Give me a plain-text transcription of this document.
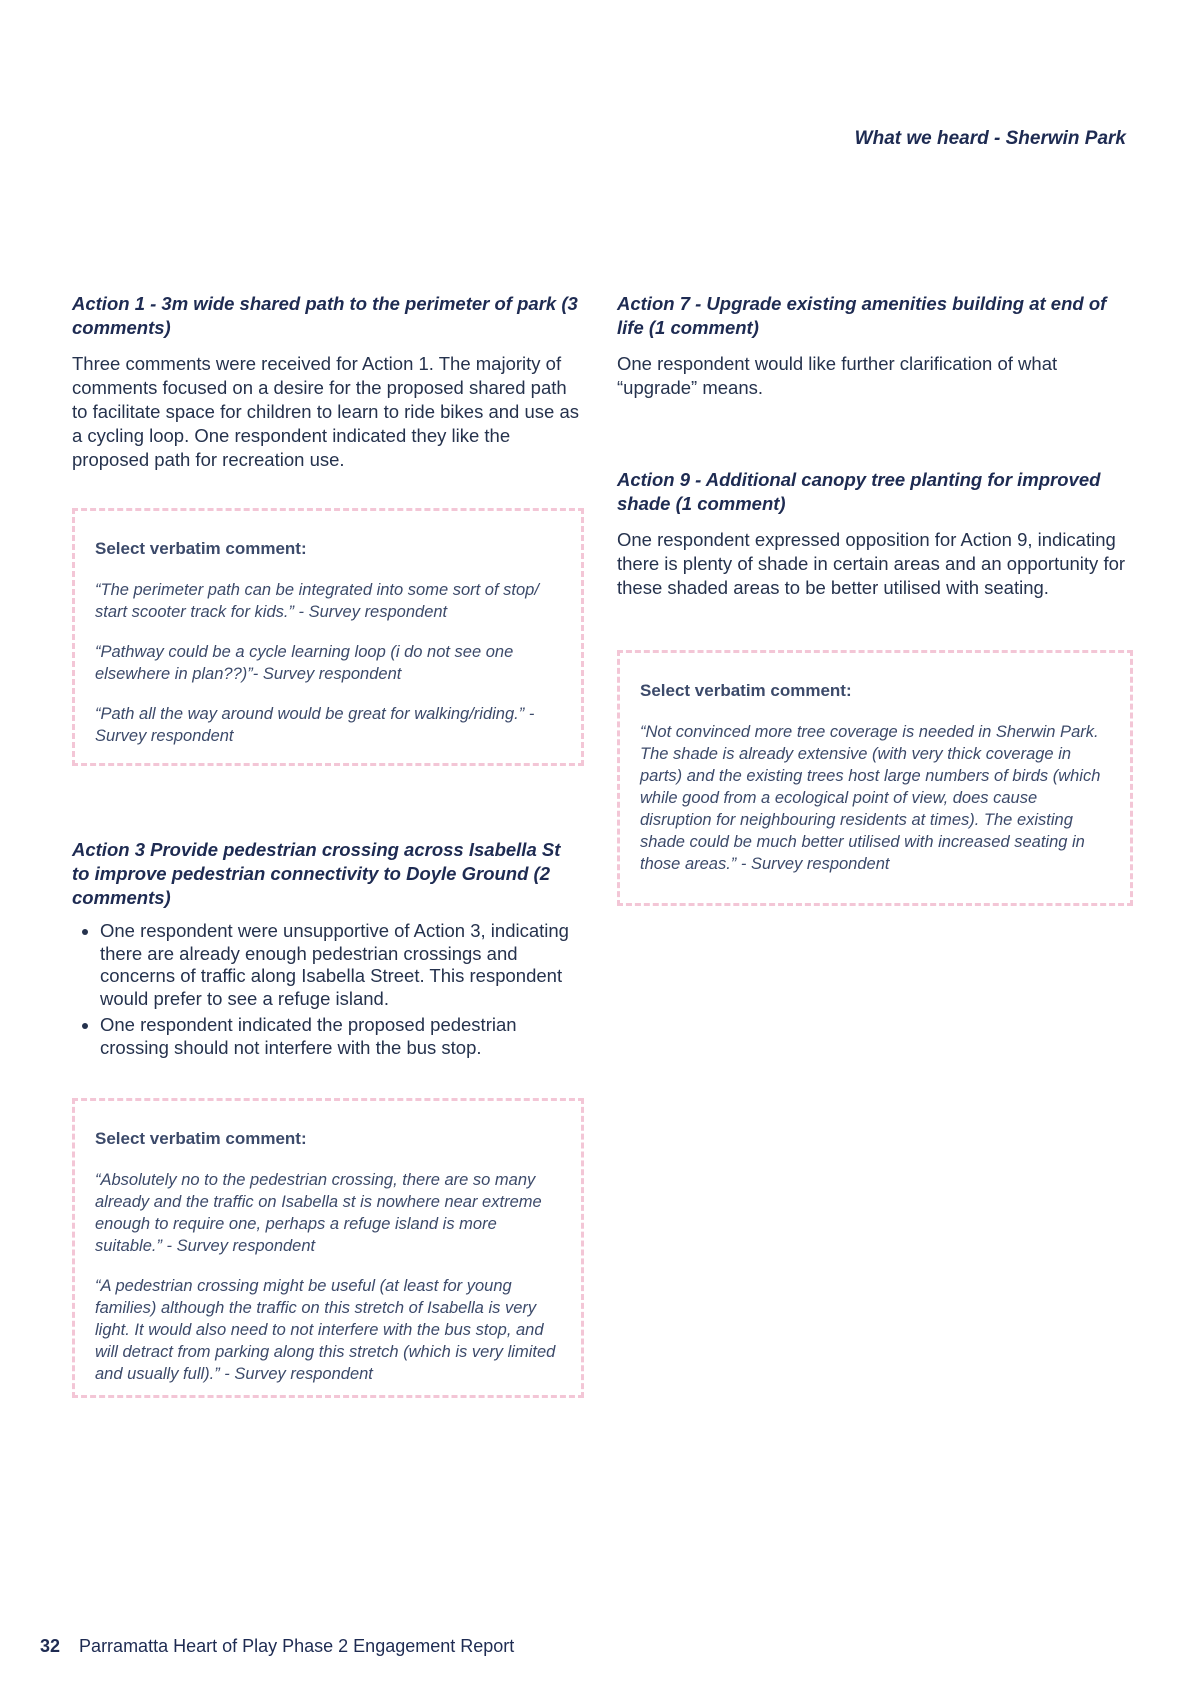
What we heard - Sherwin Park
Action 1 - 3m wide shared path to the perimeter of park (3 comments)

Three comments were received for Action 1. The majority of comments focused on a desire for the proposed shared path to facilitate space for children to learn to ride bikes and use as a cycling loop. One respondent indicated they like the proposed path for recreation use.

Select verbatim comment:

“The perimeter path can be integrated into some sort of stop/ start scooter track for kids.” - Survey respondent

“Pathway could be a cycle learning loop (i do not see one elsewhere in plan??)”- Survey respondent

“Path all the way around would be great for walking/riding.” - Survey respondent

Action 3 Provide pedestrian crossing across Isabella St to improve pedestrian connectivity to Doyle Ground (2 comments)
• One respondent were unsupportive of Action 3, indicating there are already enough pedestrian crossings and concerns of traffic along Isabella Street. This respondent would prefer to see a refuge island.
• One respondent indicated the proposed pedestrian crossing should not interfere with the bus stop.
Select verbatim comment:

“Absolutely no to the pedestrian crossing, there are so many already and the traffic on Isabella st is nowhere near extreme enough to require one, perhaps a refuge island is more suitable.” - Survey respondent

“A pedestrian crossing might be useful (at least for young families) although the traffic on this stretch of Isabella is very light. It would also need to not interfere with the bus stop, and will detract from parking along this stretch (which is very limited and usually full).” - Survey respondent

Action 7 - Upgrade existing amenities building at end of life (1 comment)

One respondent would like further clarification of what “upgrade” means.

Action 9 - Additional canopy tree planting for improved shade (1 comment)

One respondent expressed opposition for Action 9, indicating there is plenty of shade in certain areas and an opportunity for these shaded areas to be better utilised with seating.

Select verbatim comment:

“Not convinced more tree coverage is needed in Sherwin Park. The shade is already extensive (with very thick coverage in parts) and the existing trees host large numbers of birds (which while good from a ecological point of view, does cause disruption for neighbouring residents at times). The existing shade could be much better utilised with increased seating in those areas.” - Survey respondent

32 Parramatta Heart of Play Phase 2 Engagement Report
